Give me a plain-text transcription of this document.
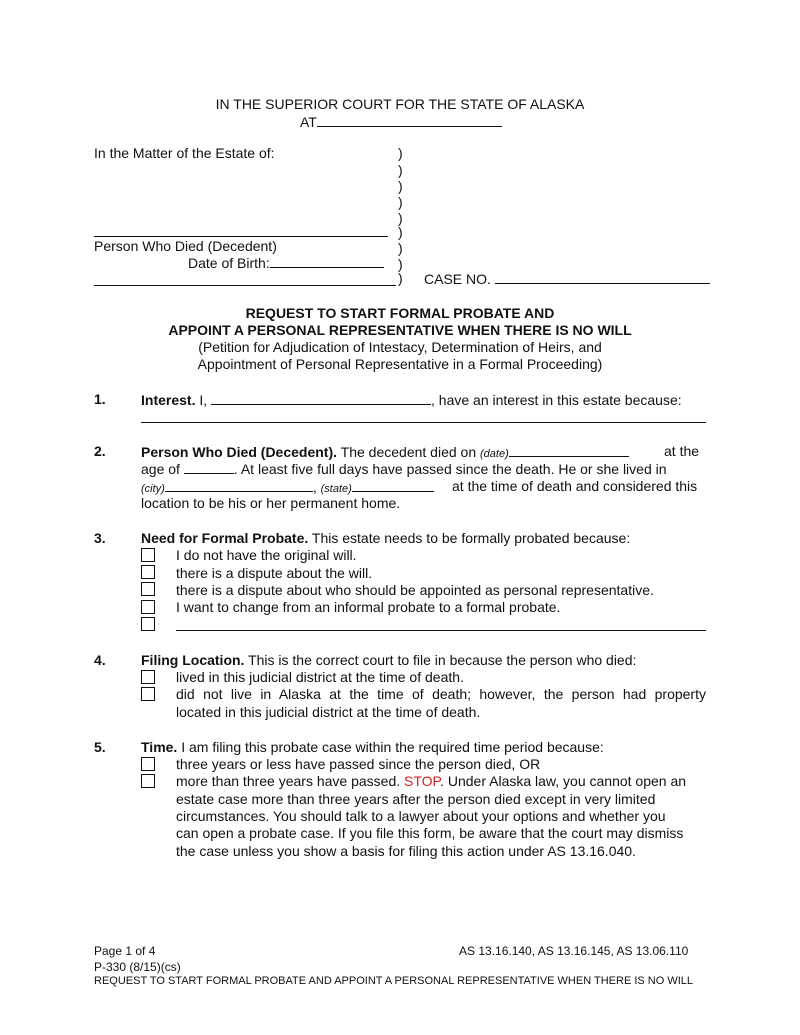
IN THE SUPERIOR COURT FOR THE STATE OF ALASKA
AT
In the Matter of the Estate of:	)
)
)
)
)
)
)
)
)
Person Who Died (Decedent)
Date of Birth:
CASE NO.
REQUEST TO START FORMAL PROBATE AND
APPOINT A PERSONAL REPRESENTATIVE WHEN THERE IS NO WILL
(Petition for Adjudication of Intestacy, Determination of Heirs, and
Appointment of Personal Representative in a Formal Proceeding)
1.	Interest. I,	, have an interest in this estate because:
2.	Person Who Died (Decedent). The decedent died on (date)	at the
age of	. At least five full days have passed since the death. He or she lived in
(city)	, (state)	at the time of death and considered this
location to be his or her permanent home.
3.	Need for Formal Probate. This estate needs to be formally probated because:
I do not have the original will.
there is a dispute about the will.
there is a dispute about who should be appointed as personal representative.
I want to change from an informal probate to a formal probate.
4.	Filing Location. This is the correct court to file in because the person who died:
lived in this judicial district at the time of death.
did not live in Alaska at the time of death; however, the person had property
located in this judicial district at the time of death.
5.	Time. I am filing this probate case within the required time period because:
three years or less have passed since the person died, OR
more than three years have passed. STOP. Under Alaska law, you cannot open an
estate case more than three years after the person died except in very limited
circumstances. You should talk to a lawyer about your options and whether you
can open a probate case. If you file this form, be aware that the court may dismiss
the case unless you show a basis for filing this action under AS 13.16.040.
Page 1 of 4	AS 13.16.140, AS 13.16.145, AS 13.06.110
P-330 (8/15)(cs)
REQUEST TO START FORMAL PROBATE AND APPOINT A PERSONAL REPRESENTATIVE WHEN THERE IS NO WILL
